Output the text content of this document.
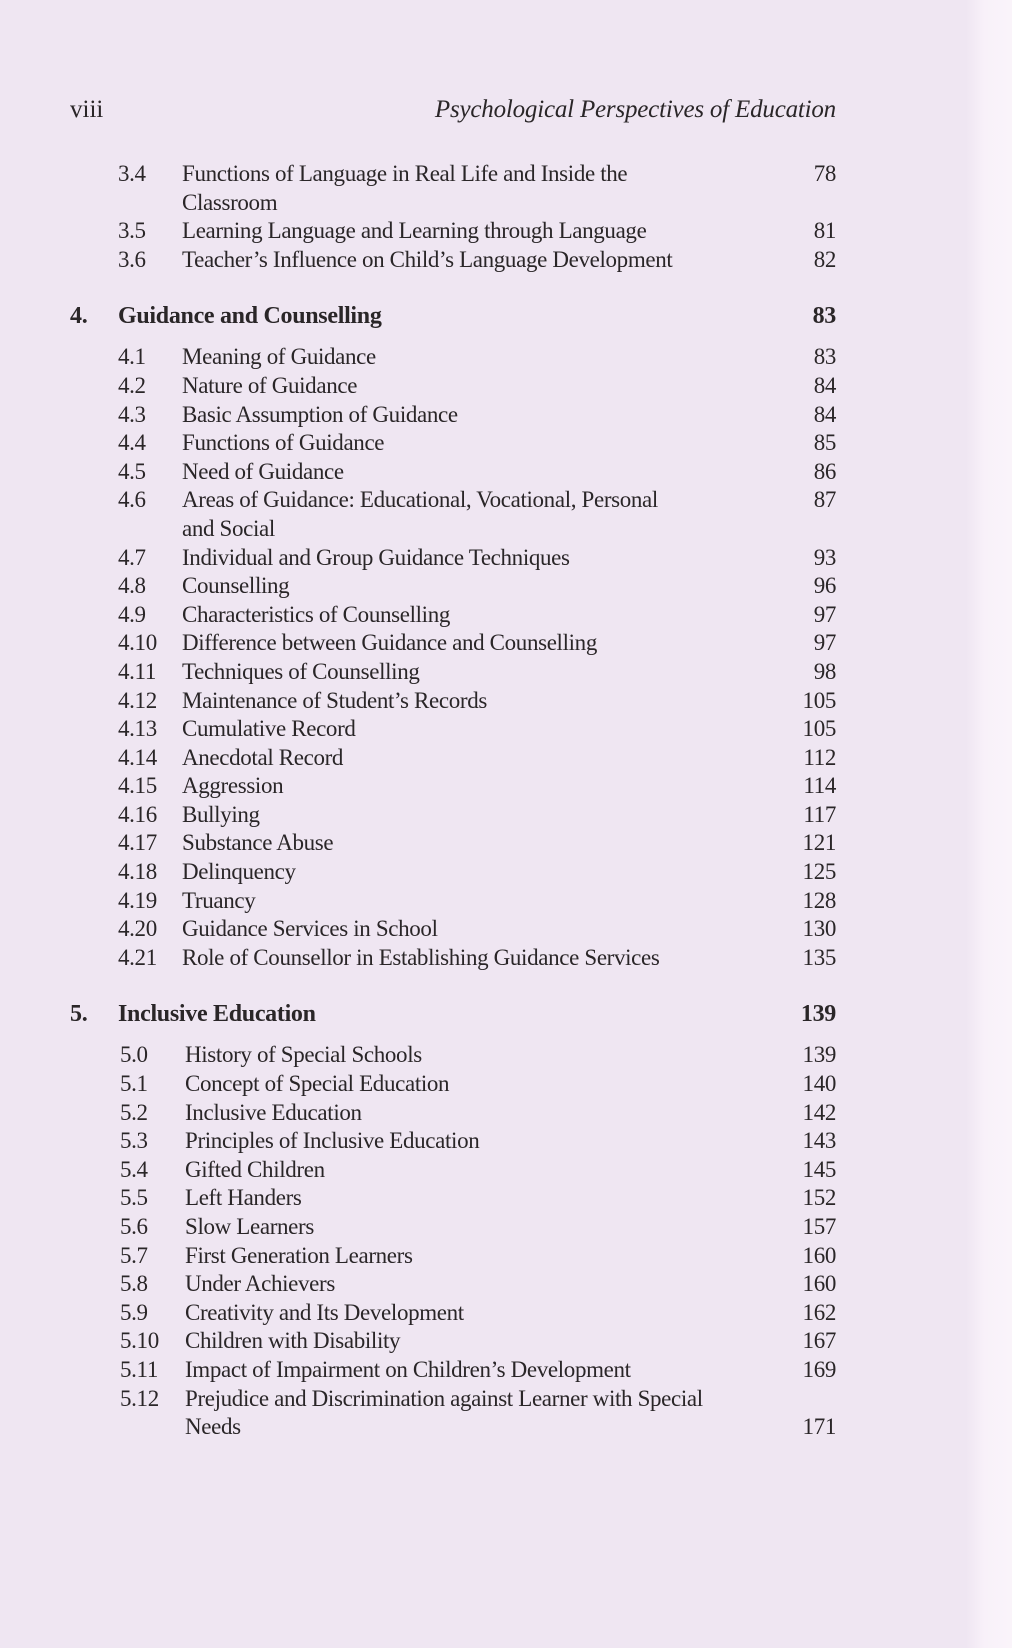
viii	Psychological Perspectives of Education
3.4 Functions of Language in Real Life and Inside the
Classroom
78
3.5 Learning Language and Learning through Language	81
3.6 Teacher’s Influence on Child’s Language Development	82
4. Guidance and Counselling	83
4.1 Meaning of Guidance	83
4.2 Nature of Guidance	84
4.3 Basic Assumption of Guidance	84
4.4 Functions of Guidance	85
4.5 Need of Guidance	86
4.6 Areas of Guidance: Educational, Vocational, Personal
and Social
87
4.7 Individual and Group Guidance Techniques	93
4.8 Counselling	96
4.9 Characteristics of Counselling	97
4.10 Difference between Guidance and Counselling	97
4.11 Techniques of Counselling	98
4.12 Maintenance of Student’s Records	105
4.13 Cumulative Record	105
4.14 Anecdotal Record	112
4.15 Aggression	114
4.16 Bullying	117
4.17 Substance Abuse	121
4.18 Delinquency	125
4.19 Truancy	128
4.20 Guidance Services in School	130
4.21 Role of Counsellor in Establishing Guidance Services	135
5. Inclusive Education	139
5.0 History of Special Schools	139
5.1 Concept of Special Education	140
5.2 Inclusive Education	142
5.3 Principles of Inclusive Education	143
5.4 Gifted Children	145
5.5 Left Handers	152
5.6 Slow Learners	157
5.7 First Generation Learners	160
5.8 Under Achievers	160
5.9 Creativity and Its Development	162
5.10 Children with Disability	167
5.11 Impact of Impairment on Children’s Development	169
5.12 Prejudice and Discrimination against Learner with Special
Needs	171
